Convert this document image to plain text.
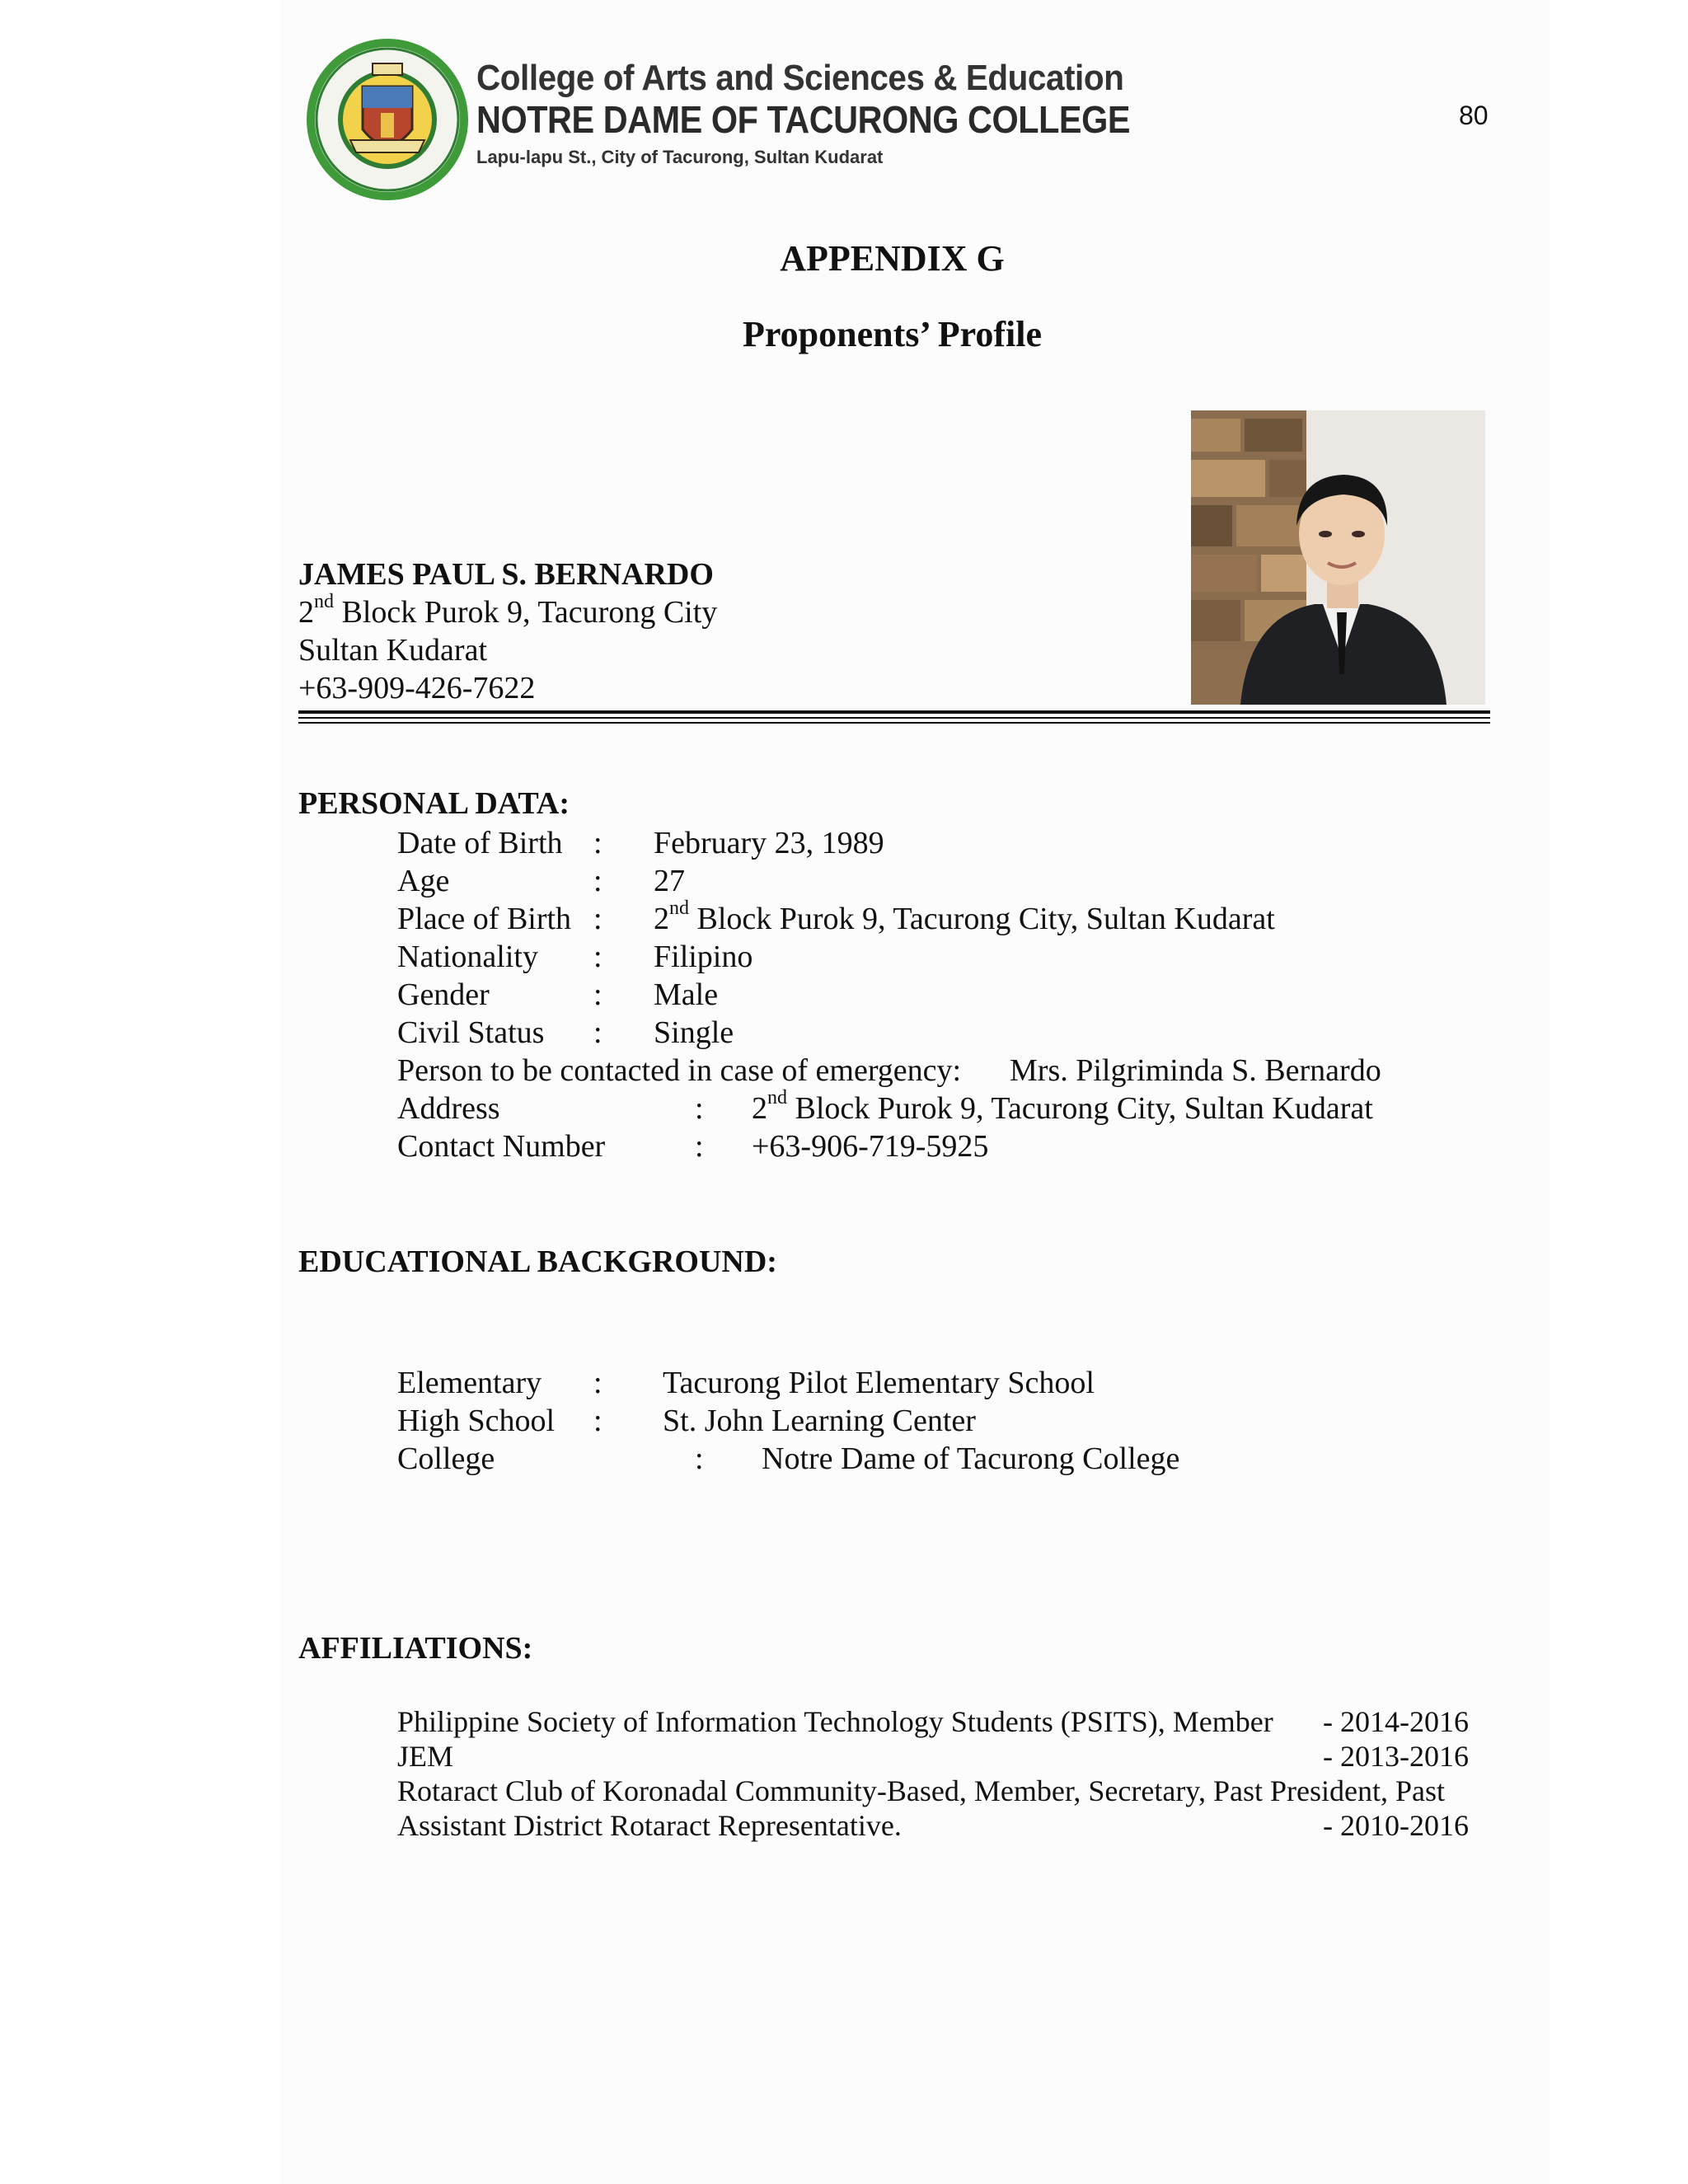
College of Arts and Sciences & Education
NOTRE DAME OF TACURONG COLLEGE
Lapu-lapu St., City of Tacurong, Sultan Kudarat
80
APPENDIX G
Proponents’ Profile
JAMES PAUL S. BERNARDO
2nd Block Purok 9, Tacurong City
Sultan Kudarat
+63-909-426-7622
PERSONAL DATA:
Date of Birth : February 23, 1989
Age	: 27
Place of Birth : 2nd Block Purok 9, Tacurong City, Sultan Kudarat
Nationality : Filipino
Gender	: Male
Civil Status : Single
Person to be contacted in case of emergency: Mrs. Pilgriminda S. Bernardo
Address	: 2nd Block Purok 9, Tacurong City, Sultan Kudarat
Contact Number	: +63-906-719-5925
EDUCATIONAL BACKGROUND:
Elementary : Tacurong Pilot Elementary School
High School : St. John Learning Center
College	: Notre Dame of Tacurong College
AFFILIATIONS:
Philippine Society of Information Technology Students (PSITS), Member - 2014-2016
JEM	- 2013-2016
Rotaract Club of Koronadal Community-Based, Member, Secretary, Past President, Past
Assistant District Rotaract Representative.	- 2010-2016
